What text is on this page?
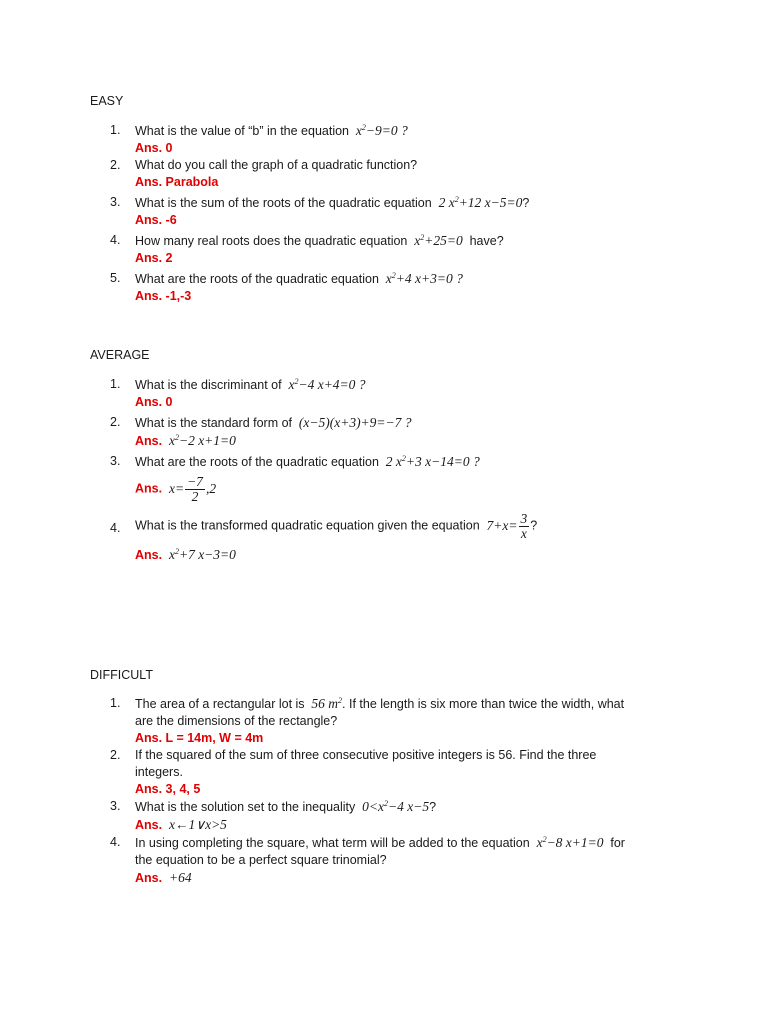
EASY
1.	What is the value of “b” in the equation  $x^2-9=0$ ?
Ans. 0
2.	What do you call the graph of a quadratic function?
Ans. Parabola
3.	What is the sum of the roots of the quadratic equation  2 $x^2+12$ x−5=0?
Ans. -6
4.	How many real roots does the quadratic equation  $x^2+25=0$  have?
Ans. 2
5.	What are the roots of the quadratic equation  $x^2+4$ x+3=0 ?
Ans. -1,-3
AVERAGE
1.	What is the discriminant of  $x^2-4$ x+4=0 ?
Ans. 0
2.	What is the standard form of  (x−5)(x+3)+9=−7 ?
Ans.  $x^2-2$ x+1=0
3.	What are the roots of the quadratic equation  2 $x^2+3$ x−14=0 ?
Ans.  $x= \frac{-7}{2} ,2$
4.	What is the transformed quadratic equation given the equation  $7+x= \frac{3}{x}$ ?
Ans.  $x^2+7$ x−3=0
DIFFICULT
1.	The area of a rectangular lot is  56 $m^2$. If the length is six more than twice the width, what
are the dimensions of the rectangle?
Ans. L = 14m, W = 4m
2.	If the squared of the sum of three consecutive positive integers is 56. Find the three
integers.
Ans. 3, 4, 5
3.	What is the solution set to the inequality  $0<x^2-4$ x−5?
Ans.  x←1∨x>5
4.	In using completing the square, what term will be added to the equation  $x^2-8$ x+1=0  for
the equation to be a perfect square trinomial?
Ans.  +64
